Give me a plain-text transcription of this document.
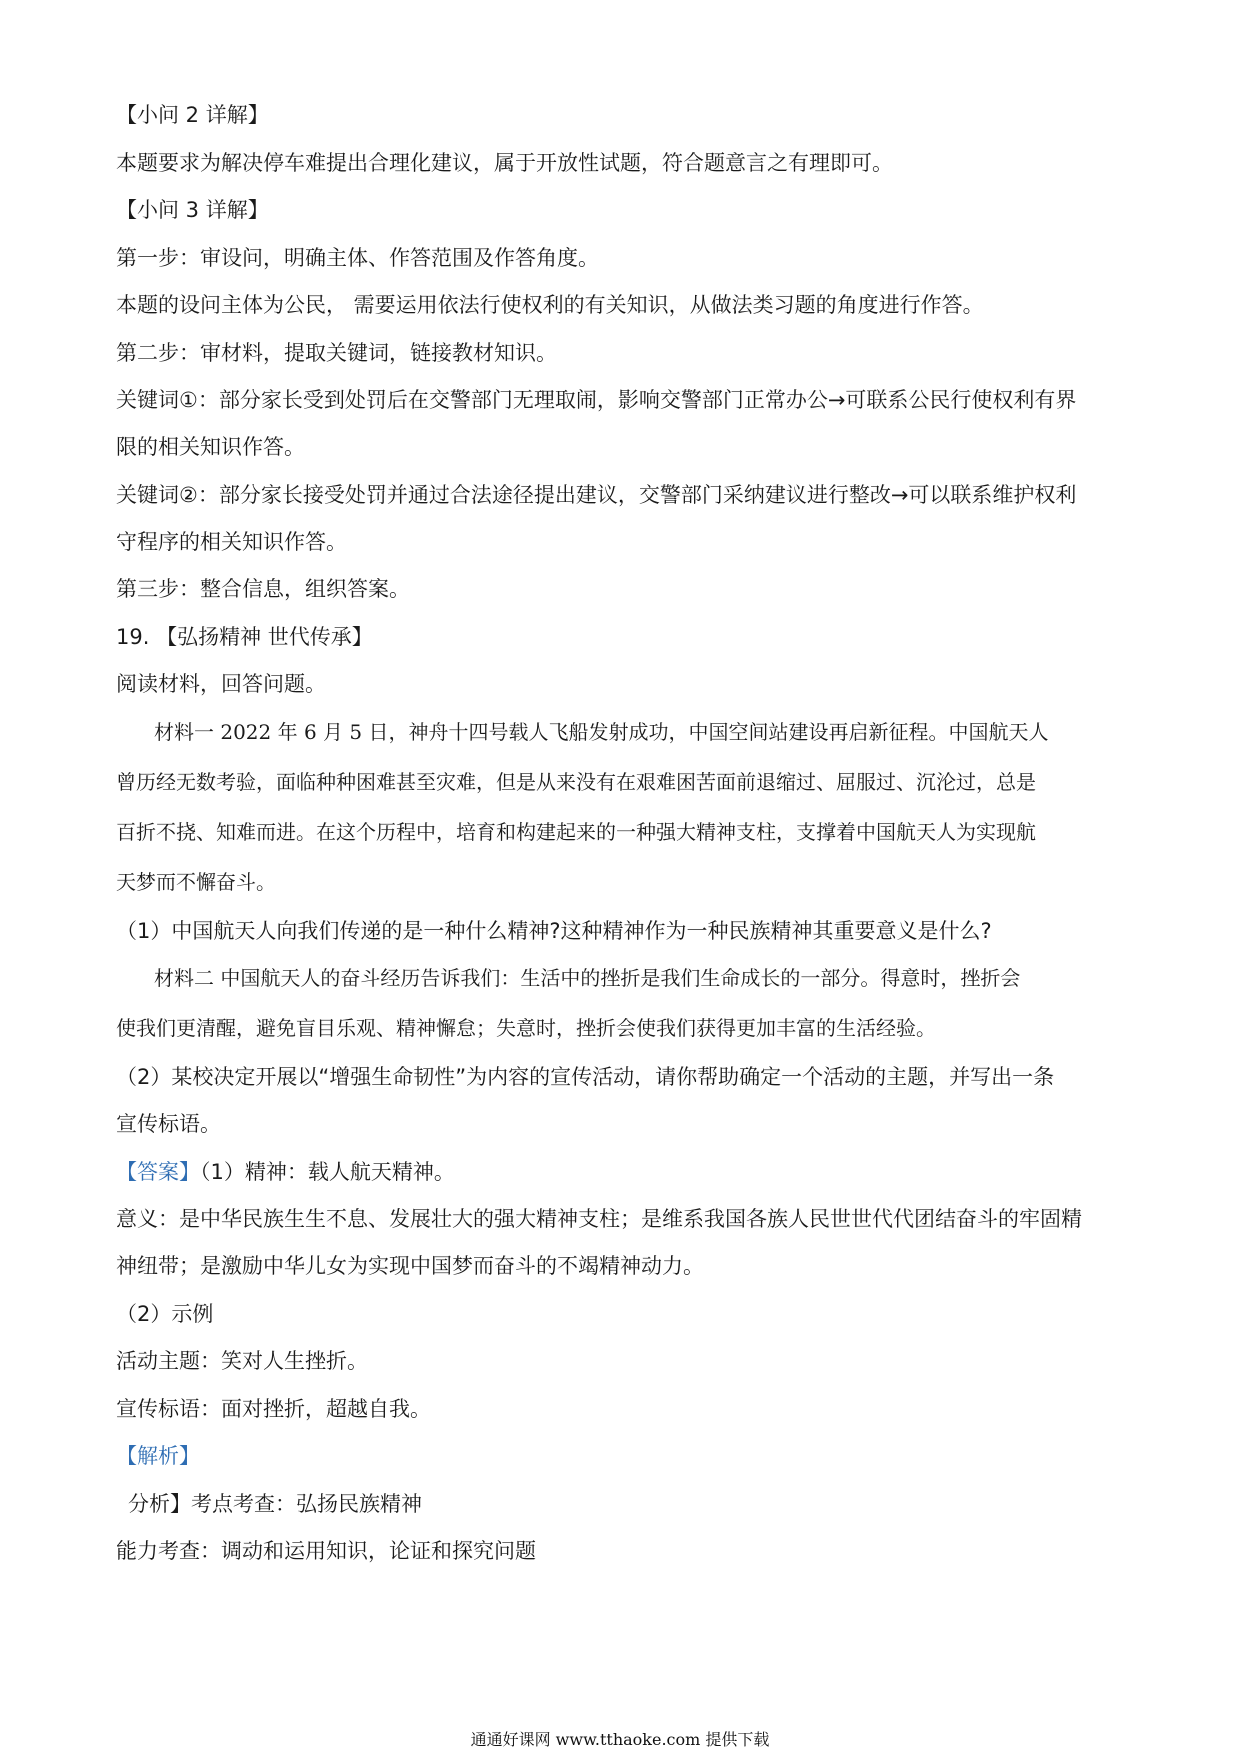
【小问 2 详解】
本题要求为解决停车难提出合理化建议，属于开放性试题，符合题意言之有理即可。
【小问 3 详解】
第一步：审设问，明确主体、作答范围及作答角度。
本题的设问主体为公民， 需要运用依法行使权利的有关知识，从做法类习题的角度进行作答。
第二步：审材料，提取关键词，链接教材知识。
关键词①：部分家长受到处罚后在交警部门无理取闹，影响交警部门正常办公→可联系公民行使权利有界
限的相关知识作答。
关键词②：部分家长接受处罚并通过合法途径提出建议，交警部门采纳建议进行整改→可以联系维护权利
守程序的相关知识作答。
第三步：整合信息，组织答案。
19. 【弘扬精神 世代传承】
阅读材料，回答问题。
材料一 2022 年 6 月 5 日，神舟十四号载人飞船发射成功，中国空间站建设再启新征程。中国航天人
曾历经无数考验，面临种种困难甚至灾难，但是从来没有在艰难困苦面前退缩过、屈服过、沉沦过，总是
百折不挠、知难而进。在这个历程中，培育和构建起来的一种强大精神支柱，支撑着中国航天人为实现航
天梦而不懈奋斗。
（1）中国航天人向我们传递的是一种什么精神?这种精神作为一种民族精神其重要意义是什么?
材料二 中国航天人的奋斗经历告诉我们：生活中的挫折是我们生命成长的一部分。得意时，挫折会
使我们更清醒，避免盲目乐观、精神懈怠；失意时，挫折会使我们获得更加丰富的生活经验。
（2）某校决定开展以“增强生命韧性”为内容的宣传活动，请你帮助确定一个活动的主题，并写出一条
宣传标语。
【答案】（1）精神：载人航天精神。
意义：是中华民族生生不息、发展壮大的强大精神支柱；是维系我国各族人民世世代代团结奋斗的牢固精
神纽带；是激励中华儿女为实现中国梦而奋斗的不竭精神动力。
（2）示例
活动主题：笑对人生挫折。
宣传标语：面对挫折，超越自我。
【解析】
分析】考点考查：弘扬民族精神
能力考查：调动和运用知识，论证和探究问题
通通好课网 www.tthaoke.com 提供下载
